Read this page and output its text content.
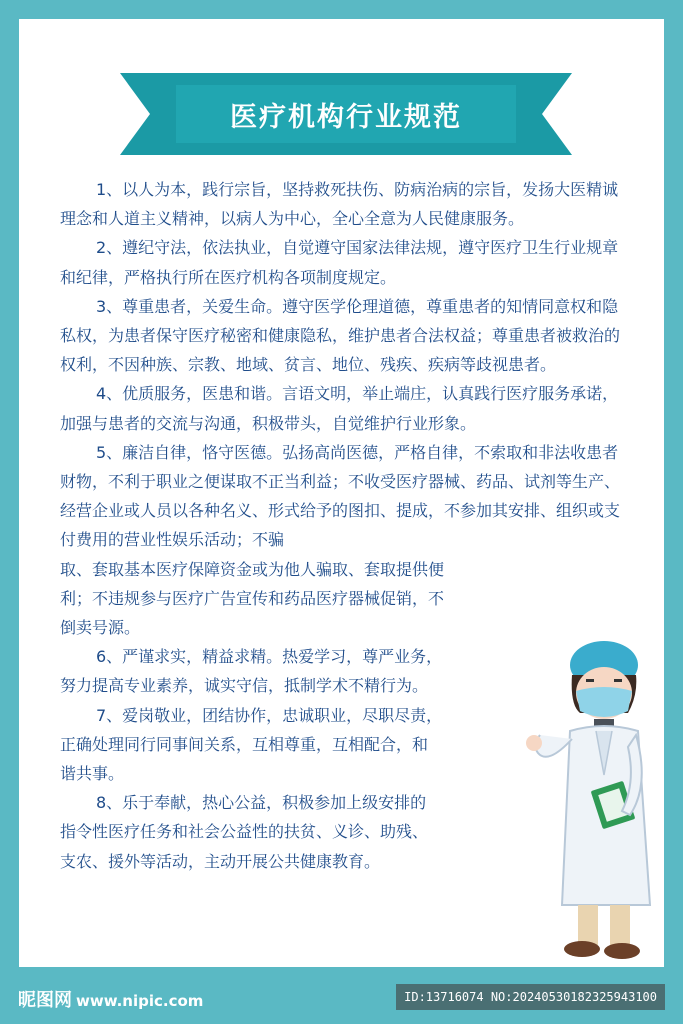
医疗机构行业规范

1、以人为本，践行宗旨，坚持救死扶伤、防病治病的宗旨，发扬大医精诚理念和人道主义精神，以病人为中心，全心全意为人民健康服务。

2、遵纪守法，依法执业，自觉遵守国家法律法规，遵守医疗卫生行业规章和纪律，严格执行所在医疗机构各项制度规定。

3、尊重患者，关爱生命。遵守医学伦理道德，尊重患者的知情同意权和隐私权，为患者保守医疗秘密和健康隐私，维护患者合法权益；尊重患者被救治的权利，不因种族、宗教、地域、贫言、地位、残疾、疾病等歧视患者。

4、优质服务，医患和谐。言语文明，举止端庄，认真践行医疗服务承诺，加强与患者的交流与沟通，积极带头，自觉维护行业形象。

5、廉洁自律，恪守医德。弘扬高尚医德，严格自律，不索取和非法收患者财物，不利于职业之便谋取不正当利益；不收受医疗器械、药品、试剂等生产、经营企业或人员以各种名义、形式给予的图扣、提成，不参加其安排、组织或支付费用的营业性娱乐活动；不骗

取、套取基本医疗保障资金或为他人骗取、套取提供便

利；不违规参与医疗广告宣传和药品医疗器械促销，不

倒卖号源。

6、严谨求实，精益求精。热爱学习，尊严业务，

努力提高专业素养，诚实守信，抵制学术不精行为。

7、爱岗敬业，团结协作，忠诚职业，尽职尽责，

正确处理同行同事间关系，互相尊重，互相配合，和

谐共事。

8、乐于奉献，热心公益，积极参加上级安排的

指令性医疗任务和社会公益性的扶贫、义诊、助残、

支农、援外等活动，主动开展公共健康教育。

昵图网 www.nipic.com	ID:13716074 NO:20240530182325943100
